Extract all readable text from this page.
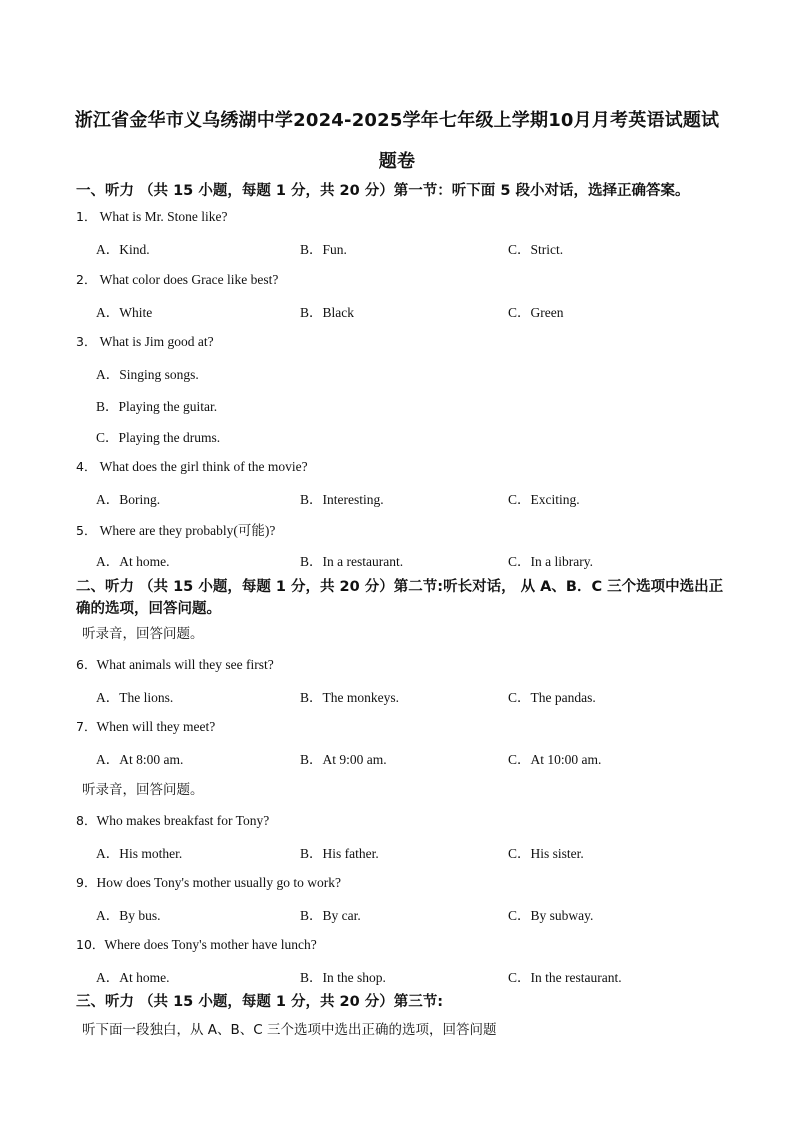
浙江省金华市义乌绣湖中学2024-2025学年七年级上学期10月月考英语试题试
题卷
一、听力 （共 15 小题，每题 1 分，共 20 分）第一节：听下面 5 段小对话，选择正确答案。
1． What is Mr. Stone like?
A．Kind.	B．Fun.	C．Strict.
2． What color does Grace like best?
A．White	B．Black	C．Green
3． What is Jim good at?
A．Singing songs.
B．Playing the guitar.
C．Playing the drums.
4． What does the girl think of the movie?
A．Boring.	B．Interesting.	C．Exciting.
5． Where are they probably(可能)?
A．At home.	B．In a restaurant.	C．In a library.
二、听力 （共 15 小题，每题 1 分，共 20 分）第二节:听长对话， 从 A、B．C 三个选项中选出正确的选项，回答问题。
听录音，回答问题。
6．What animals will they see first?
A．The lions.	B．The monkeys.	C．The pandas.
7．When will they meet?
A．At 8:00 am.	B．At 9:00 am.	C．At 10:00 am.
听录音，回答问题。
8．Who makes breakfast for Tony?
A．His mother.	B．His father.	C．His sister.
9．How does Tony's mother usually go to work?
A．By bus.	B．By car.	C．By subway.
10．Where does Tony's mother have lunch?
A．At home.	B．In the shop.	C．In the restaurant.
三、听力 （共 15 小题，每题 1 分，共 20 分）第三节:
听下面一段独白，从 A、B、C 三个选项中选出正确的选项，回答问题
